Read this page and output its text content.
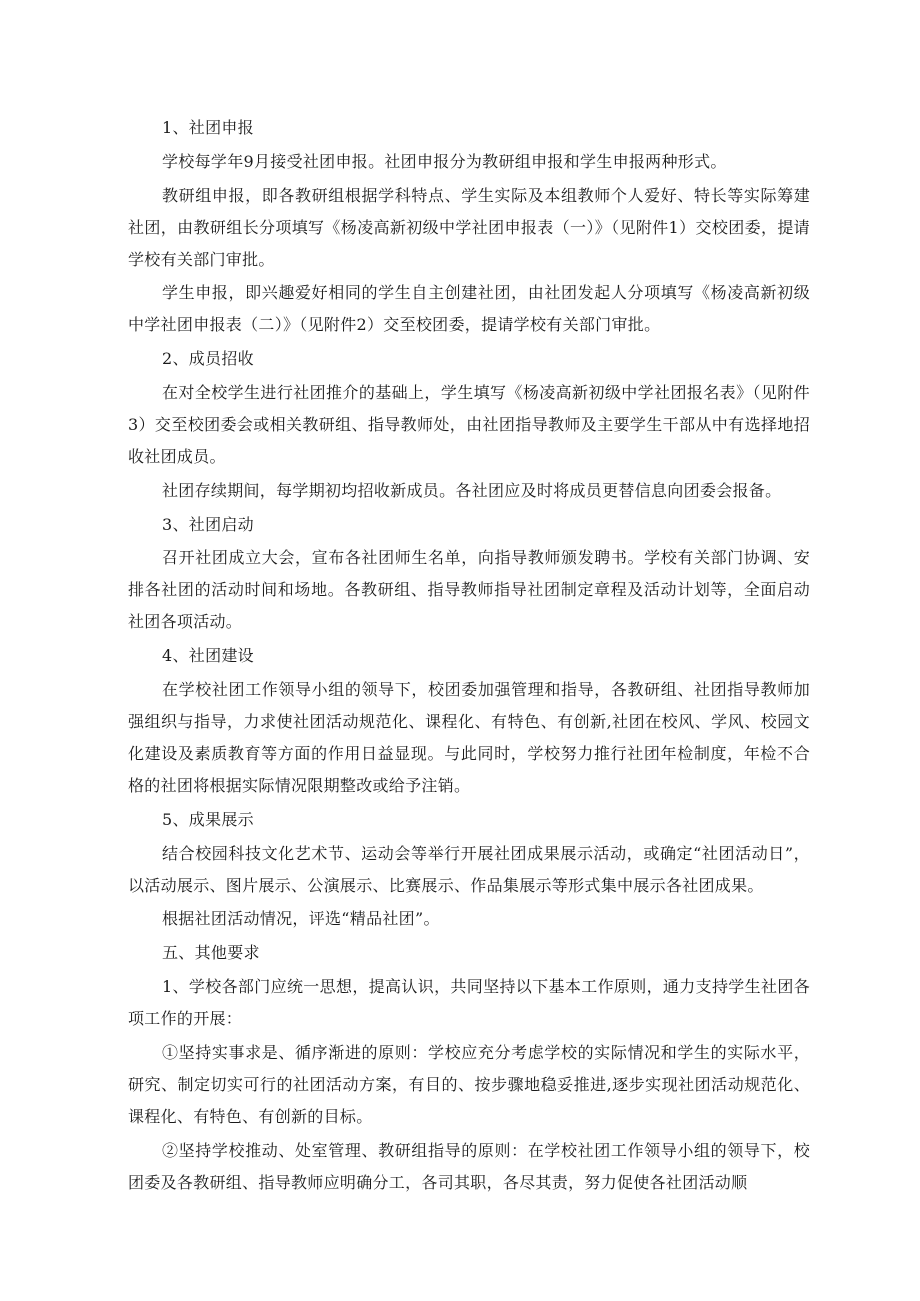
1、社团申报

学校每学年9月接受社团申报。社团申报分为教研组申报和学生申报两种形式。

教研组申报，即各教研组根据学科特点、学生实际及本组教师个人爱好、特长等实际筹建社团，由教研组长分项填写《杨凌高新初级中学社团申报表（一）》（见附件1）交校团委，提请学校有关部门审批。

学生申报，即兴趣爱好相同的学生自主创建社团，由社团发起人分项填写《杨凌高新初级中学社团申报表（二）》（见附件2）交至校团委，提请学校有关部门审批。

2、成员招收

在对全校学生进行社团推介的基础上，学生填写《杨凌高新初级中学社团报名表》（见附件3）交至校团委会或相关教研组、指导教师处，由社团指导教师及主要学生干部从中有选择地招收社团成员。

社团存续期间，每学期初均招收新成员。各社团应及时将成员更替信息向团委会报备。

3、社团启动

召开社团成立大会，宣布各社团师生名单，向指导教师颁发聘书。学校有关部门协调、安排各社团的活动时间和场地。各教研组、指导教师指导社团制定章程及活动计划等，全面启动社团各项活动。

4、社团建设

在学校社团工作领导小组的领导下，校团委加强管理和指导，各教研组、社团指导教师加强组织与指导，力求使社团活动规范化、课程化、有特色、有创新,社团在校风、学风、校园文化建设及素质教育等方面的作用日益显现。与此同时，学校努力推行社团年检制度，年检不合格的社团将根据实际情况限期整改或给予注销。

5、成果展示

结合校园科技文化艺术节、运动会等举行开展社团成果展示活动，或确定“社团活动日”，以活动展示、图片展示、公演展示、比赛展示、作品集展示等形式集中展示各社团成果。

根据社团活动情况，评选“精品社团”。

五、其他要求

1、学校各部门应统一思想，提高认识，共同坚持以下基本工作原则，通力支持学生社团各项工作的开展：

①坚持实事求是、循序渐进的原则：学校应充分考虑学校的实际情况和学生的实际水平，研究、制定切实可行的社团活动方案，有目的、按步骤地稳妥推进,逐步实现社团活动规范化、课程化、有特色、有创新的目标。

②坚持学校推动、处室管理、教研组指导的原则：在学校社团工作领导小组的领导下，校团委及各教研组、指导教师应明确分工，各司其职，各尽其责，努力促使各社团活动顺
